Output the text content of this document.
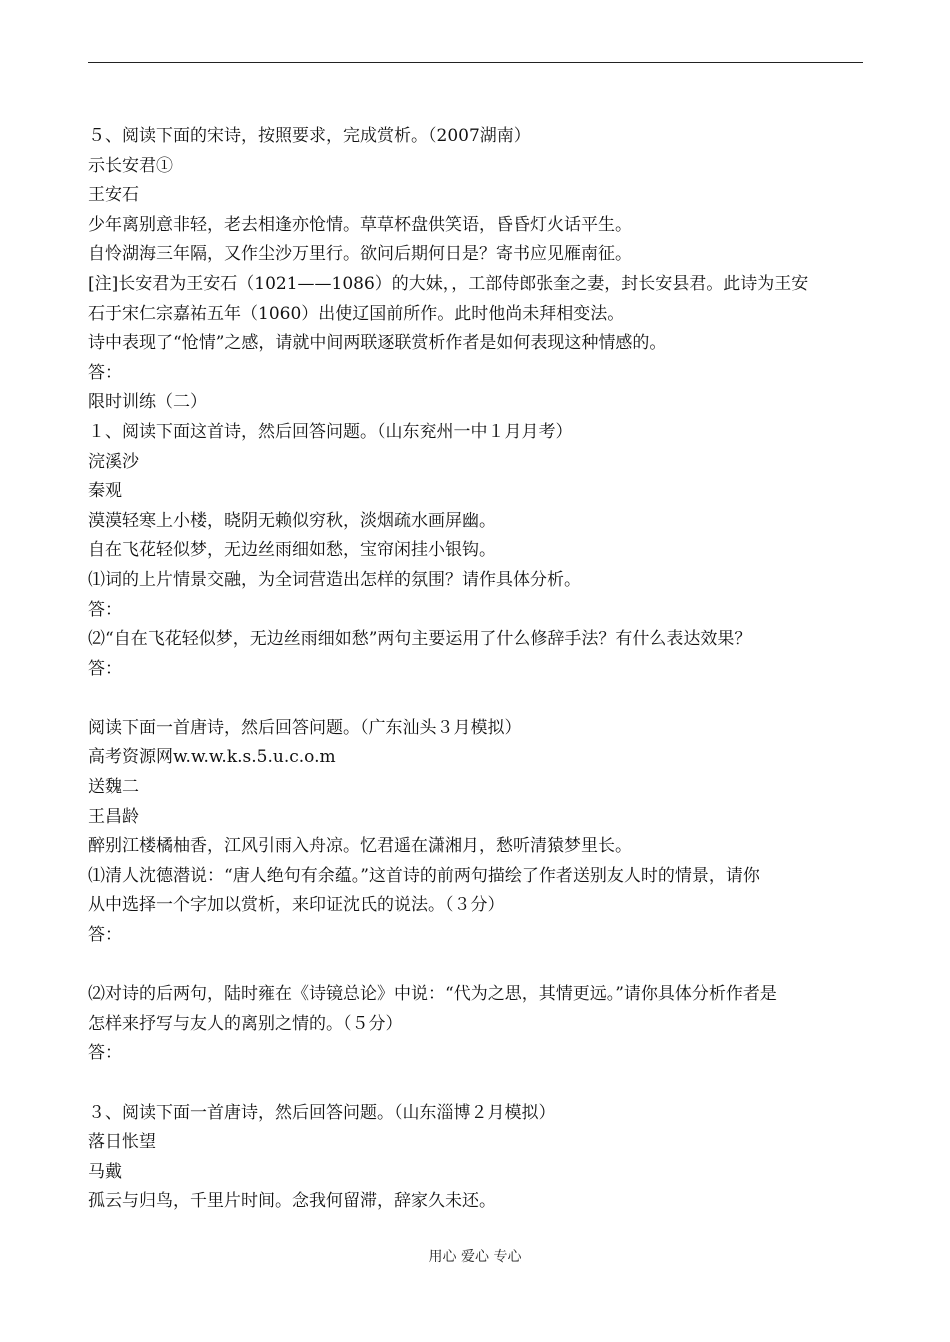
５、阅读下面的宋诗，按照要求，完成赏析。（2007湖南）
示长安君①
王安石
少年离别意非轻，老去相逢亦怆情。草草杯盘供笑语，昏昏灯火话平生。
自怜湖海三年隔，又作尘沙万里行。欲问后期何日是？寄书应见雁南征。
[注]长安君为王安石（1021——1086）的大妹，，工部侍郎张奎之妻，封长安县君。此诗为王安
石于宋仁宗嘉祐五年（1060）出使辽国前所作。此时他尚未拜相变法。
诗中表现了“怆情”之感，请就中间两联逐联赏析作者是如何表现这种情感的。
答：
限时训练（二）
１、阅读下面这首诗，然后回答问题。（山东兖州一中１月月考）
浣溪沙
秦观
漠漠轻寒上小楼，晓阴无赖似穷秋，淡烟疏水画屏幽。
自在飞花轻似梦，无边丝雨细如愁，宝帘闲挂小银钩。
⑴词的上片情景交融，为全词营造出怎样的氛围？请作具体分析。
答：
⑵“自在飞花轻似梦，无边丝雨细如愁”两句主要运用了什么修辞手法？有什么表达效果？
答：
阅读下面一首唐诗，然后回答问题。（广东汕头３月模拟）
高考资源网w.w.w.k.s.5.u.c.o.m
送魏二
王昌龄
醉别江楼橘柚香，江风引雨入舟凉。忆君遥在潇湘月，愁听清猿梦里长。
⑴清人沈德潜说：“唐人绝句有余蕴。”这首诗的前两句描绘了作者送别友人时的情景，请你
从中选择一个字加以赏析，来印证沈氏的说法。（３分）
答：
⑵对诗的后两句，陆时雍在《诗镜总论》中说：“代为之思，其情更远。”请你具体分析作者是
怎样来抒写与友人的离别之情的。（５分）
答：
３、阅读下面一首唐诗，然后回答问题。（山东淄博２月模拟）
落日怅望
马戴
孤云与归鸟，千里片时间。念我何留滞，辞家久未还。
用心 爱心 专心
